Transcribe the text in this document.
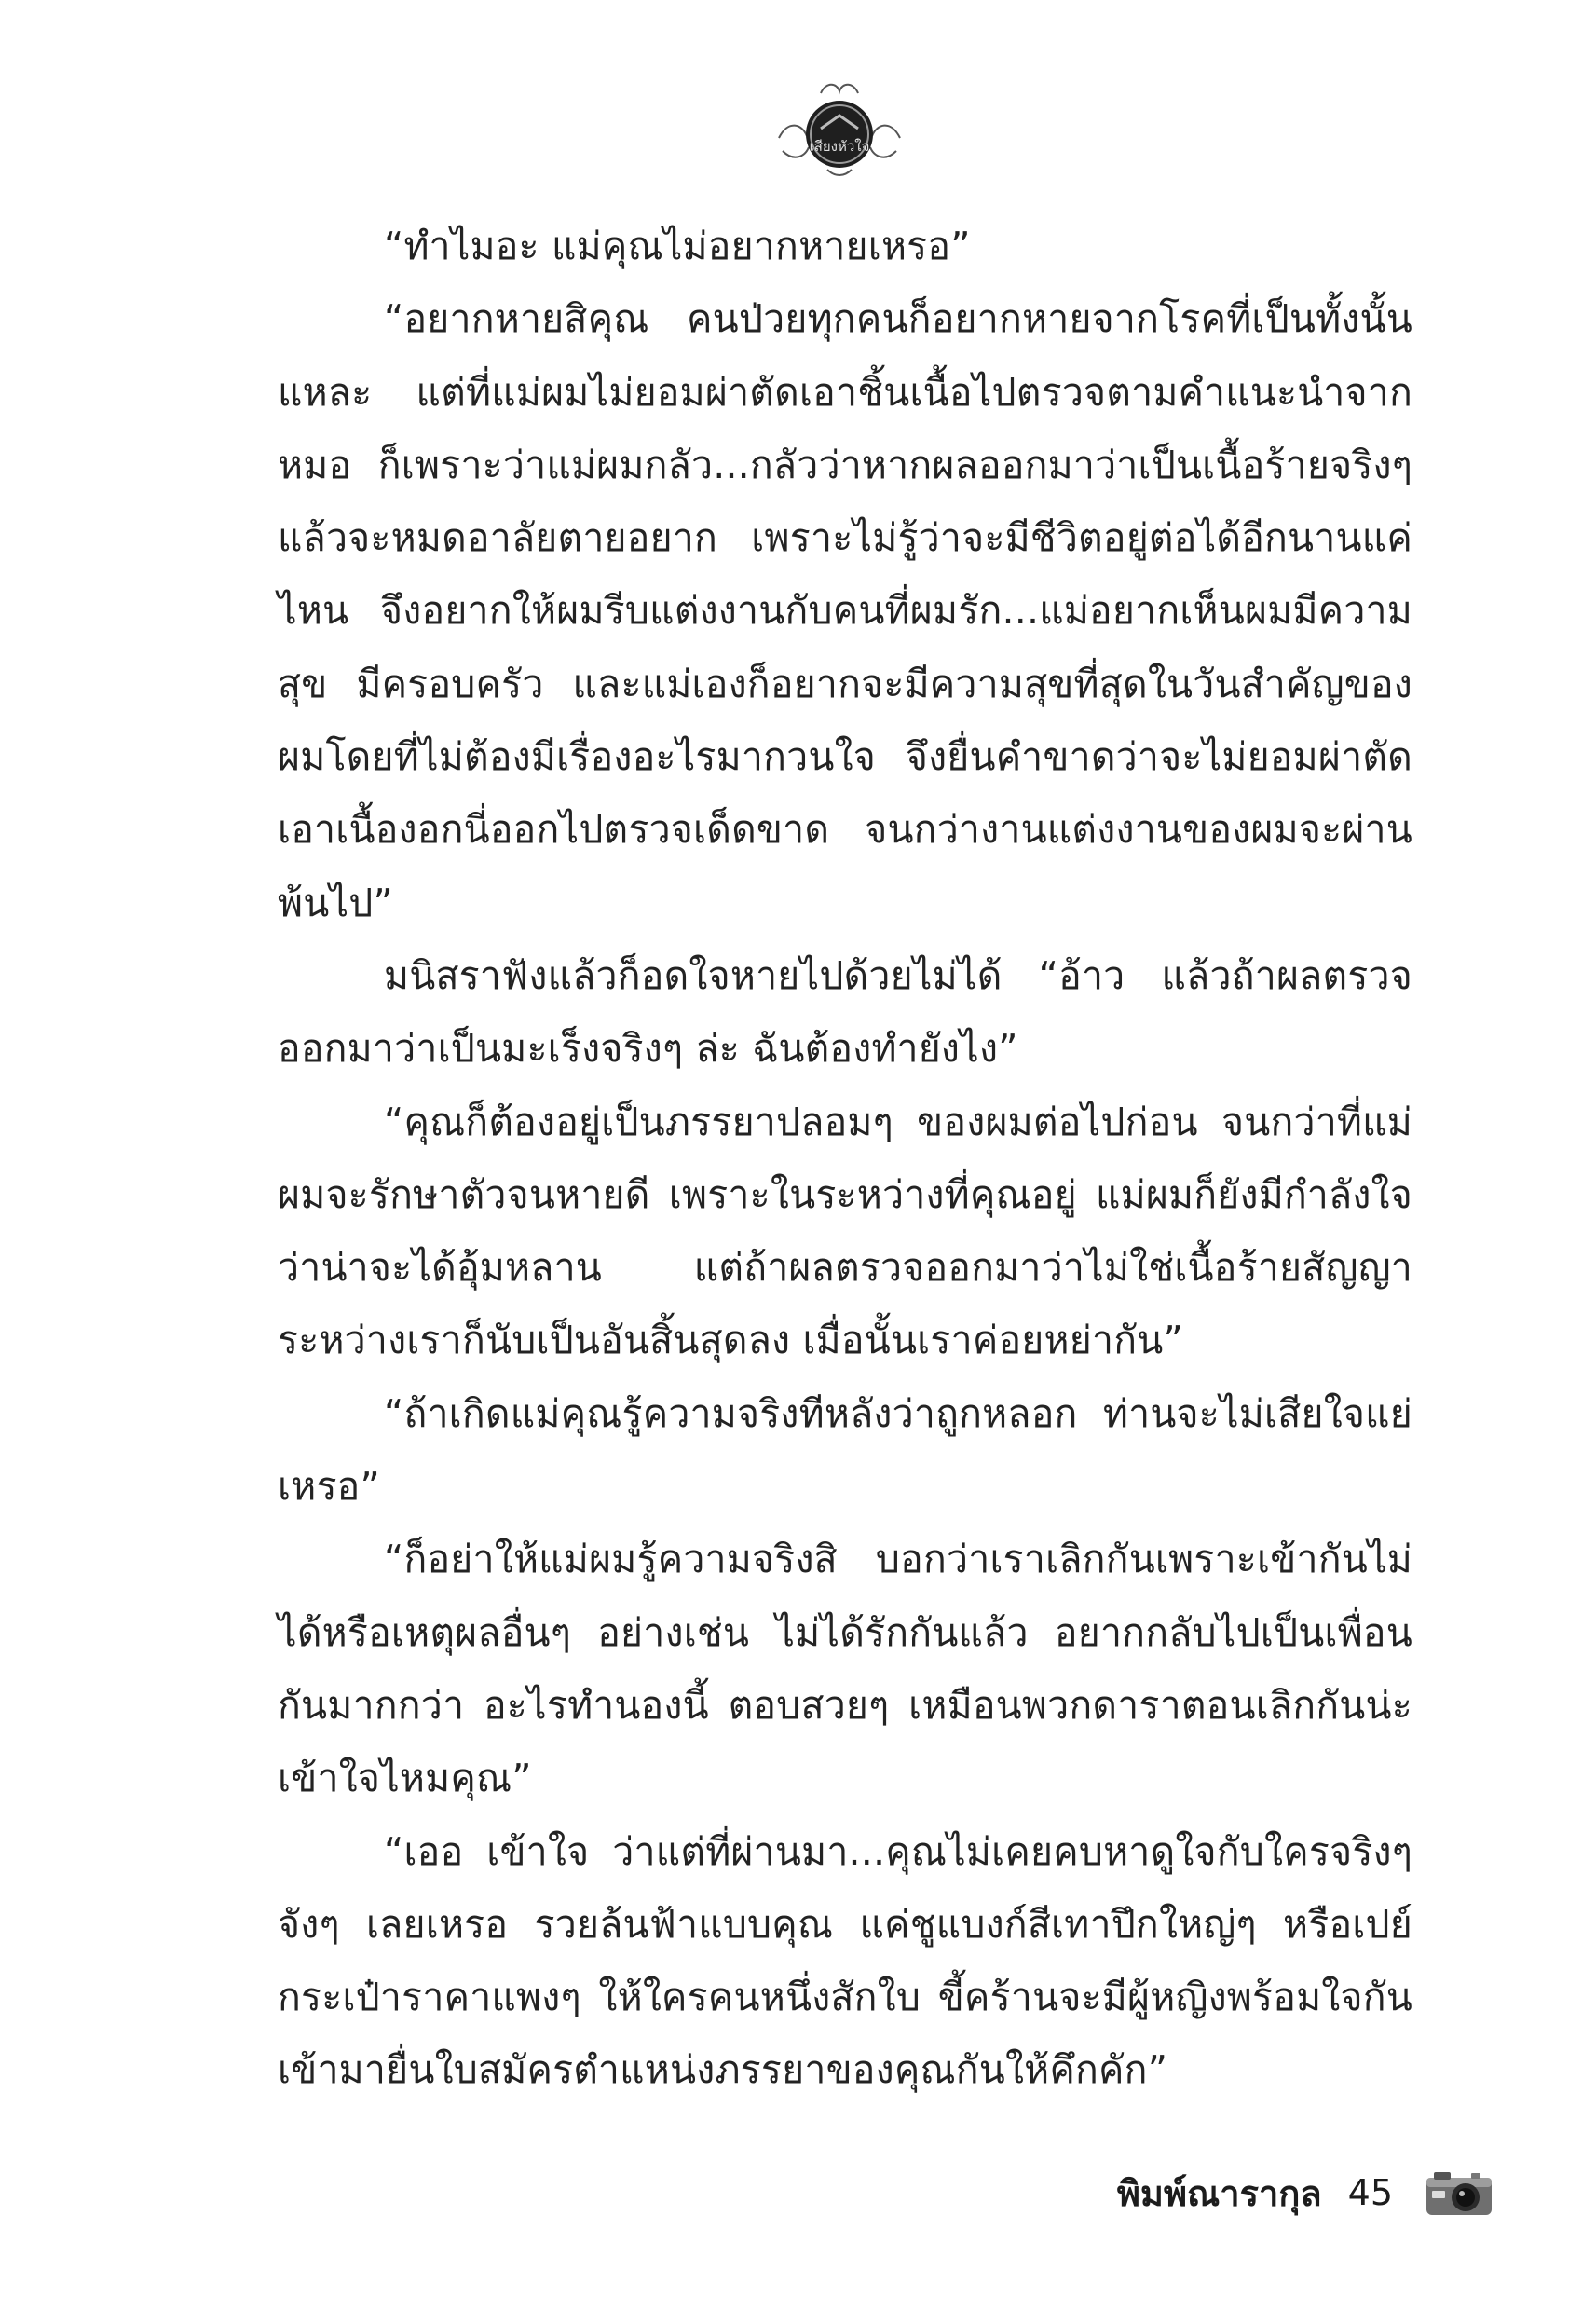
เสียงหัวใจ

“ทำไมอะ แม่คุณไม่อยากหายเหรอ”

“อยากหายสิคุณ คนป่วยทุกคนก็อยากหายจากโรคที่เป็นทั้งนั้นแหละ แต่ที่แม่ผมไม่ยอมผ่าตัดเอาชิ้นเนื้อไปตรวจตามคำแนะนำจากหมอ ก็เพราะว่าแม่ผมกลัว...กลัวว่าหากผลออกมาว่าเป็นเนื้อร้ายจริงๆ แล้วจะหมดอาลัยตายอยาก เพราะไม่รู้ว่าจะมีชีวิตอยู่ต่อได้อีกนานแค่ไหน จึงอยากให้ผมรีบแต่งงานกับคนที่ผมรัก...แม่อยากเห็นผมมีความสุข มีครอบครัว และแม่เองก็อยากจะมีความสุขที่สุดในวันสำคัญของผมโดยที่ไม่ต้องมีเรื่องอะไรมากวนใจ จึงยื่นคำขาดว่าจะไม่ยอมผ่าตัดเอาเนื้องอกนี่ออกไปตรวจเด็ดขาด จนกว่างานแต่งงานของผมจะผ่านพ้นไป”

มนิสราฟังแล้วก็อดใจหายไปด้วยไม่ได้ “อ้าว แล้วถ้าผลตรวจออกมาว่าเป็นมะเร็งจริงๆ ล่ะ ฉันต้องทำยังไง”

“คุณก็ต้องอยู่เป็นภรรยาปลอมๆ ของผมต่อไปก่อน จนกว่าที่แม่ผมจะรักษาตัวจนหายดี เพราะในระหว่างที่คุณอยู่ แม่ผมก็ยังมีกำลังใจว่าน่าจะได้อุ้มหลาน แต่ถ้าผลตรวจออกมาว่าไม่ใช่เนื้อร้ายสัญญาระหว่างเราก็นับเป็นอันสิ้นสุดลง เมื่อนั้นเราค่อยหย่ากัน”

“ถ้าเกิดแม่คุณรู้ความจริงทีหลังว่าถูกหลอก ท่านจะไม่เสียใจแย่เหรอ”

“ก็อย่าให้แม่ผมรู้ความจริงสิ บอกว่าเราเลิกกันเพราะเข้ากันไม่ได้หรือเหตุผลอื่นๆ อย่างเช่น ไม่ได้รักกันแล้ว อยากกลับไปเป็นเพื่อนกันมากกว่า อะไรทำนองนี้ ตอบสวยๆ เหมือนพวกดาราตอนเลิกกันน่ะ เข้าใจไหมคุณ”

“เออ เข้าใจ ว่าแต่ที่ผ่านมา...คุณไม่เคยคบหาดูใจกับใครจริงๆ จังๆ เลยเหรอ รวยล้นฟ้าแบบคุณ แค่ชูแบงก์สีเทาปึกใหญ่ๆ หรือเปย์กระเป๋าราคาแพงๆ ให้ใครคนหนึ่งสักใบ ขี้คร้านจะมีผู้หญิงพร้อมใจกันเข้ามายื่นใบสมัครตำแหน่งภรรยาของคุณกันให้คึกคัก”

พิมพ์ณารากุล 45
